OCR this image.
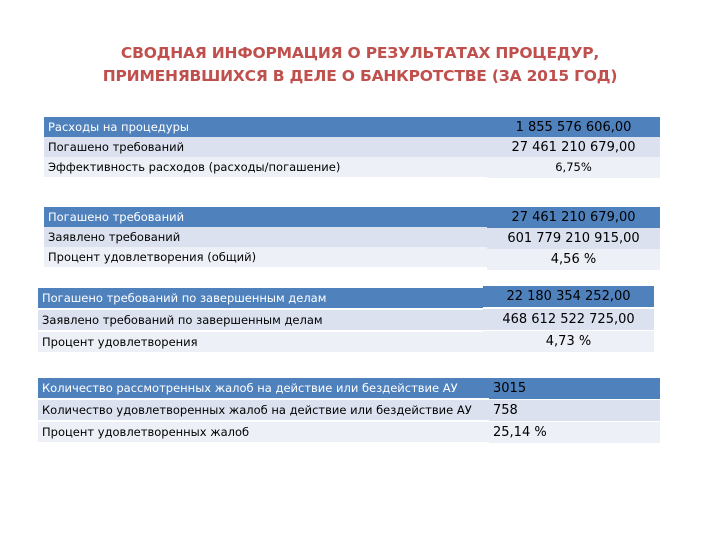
СВОДНАЯ ИНФОРМАЦИЯ О РЕЗУЛЬТАТАХ ПРОЦЕДУР,
ПРИМЕНЯВШИХСЯ В ДЕЛЕ О БАНКРОТСТВЕ (ЗА 2015 ГОД)
Расходы на процедуры
Погашено требований
Эффективность расходов (расходы/погашение)
1 855 576 606,00
27 461 210 679,00
6,75%
Погашено требований
Заявлено требований
Процент удовлетворения (общий)
27 461 210 679,00
601 779 210 915,00
4,56 %
Погашено требований по завершенным делам
Заявлено требований по завершенным делам
Процент удовлетворения
22 180 354 252,00
468 612 522 725,00
4,73 %
Количество рассмотренных жалоб на действие или бездействие АУ
Количество удовлетворенных жалоб на действие или бездействие АУ
Процент удовлетворенных жалоб
3015
758
25,14 %
